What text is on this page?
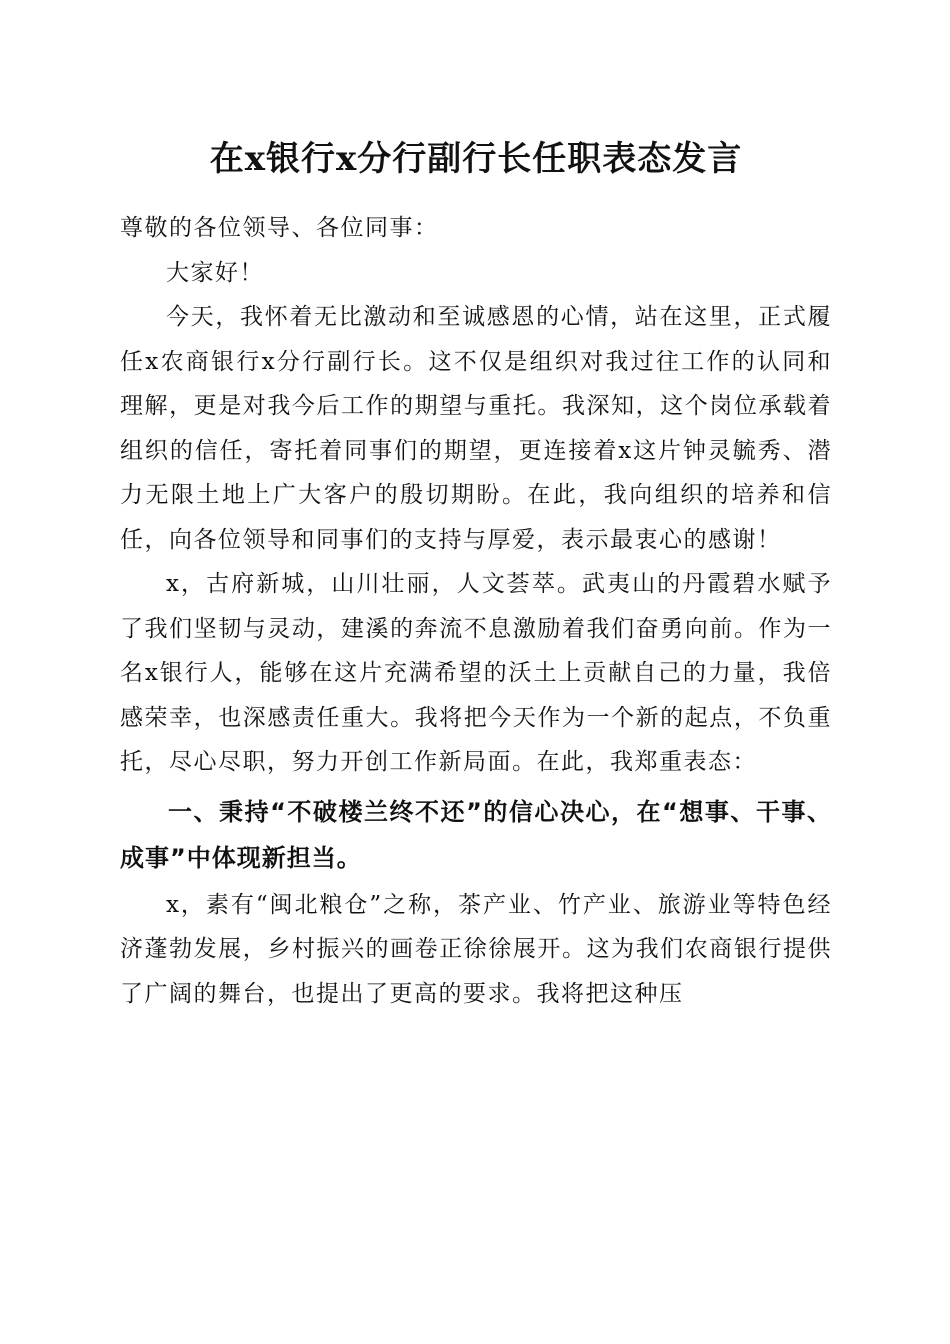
在x银行x分行副行长任职表态发言

尊敬的各位领导、各位同事：

大家好！

今天，我怀着无比激动和至诚感恩的心情，站在这里，正式履任x农商银行x分行副行长。这不仅是组织对我过往工作的认同和理解，更是对我今后工作的期望与重托。我深知，这个岗位承载着组织的信任，寄托着同事们的期望，更连接着x这片钟灵毓秀、潜力无限土地上广大客户的殷切期盼。在此，我向组织的培养和信任，向各位领导和同事们的支持与厚爱，表示最衷心的感谢！

x，古府新城，山川壮丽，人文荟萃。武夷山的丹霞碧水赋予了我们坚韧与灵动，建溪的奔流不息激励着我们奋勇向前。作为一名x银行人，能够在这片充满希望的沃土上贡献自己的力量，我倍感荣幸，也深感责任重大。我将把今天作为一个新的起点，不负重托，尽心尽职，努力开创工作新局面。在此，我郑重表态：

一、秉持“不破楼兰终不还”的信心决心，在“想事、干事、成事”中体现新担当。

x，素有“闽北粮仓”之称，茶产业、竹产业、旅游业等特色经济蓬勃发展，乡村振兴的画卷正徐徐展开。这为我们农商银行提供了广阔的舞台，也提出了更高的要求。我将把这种压
